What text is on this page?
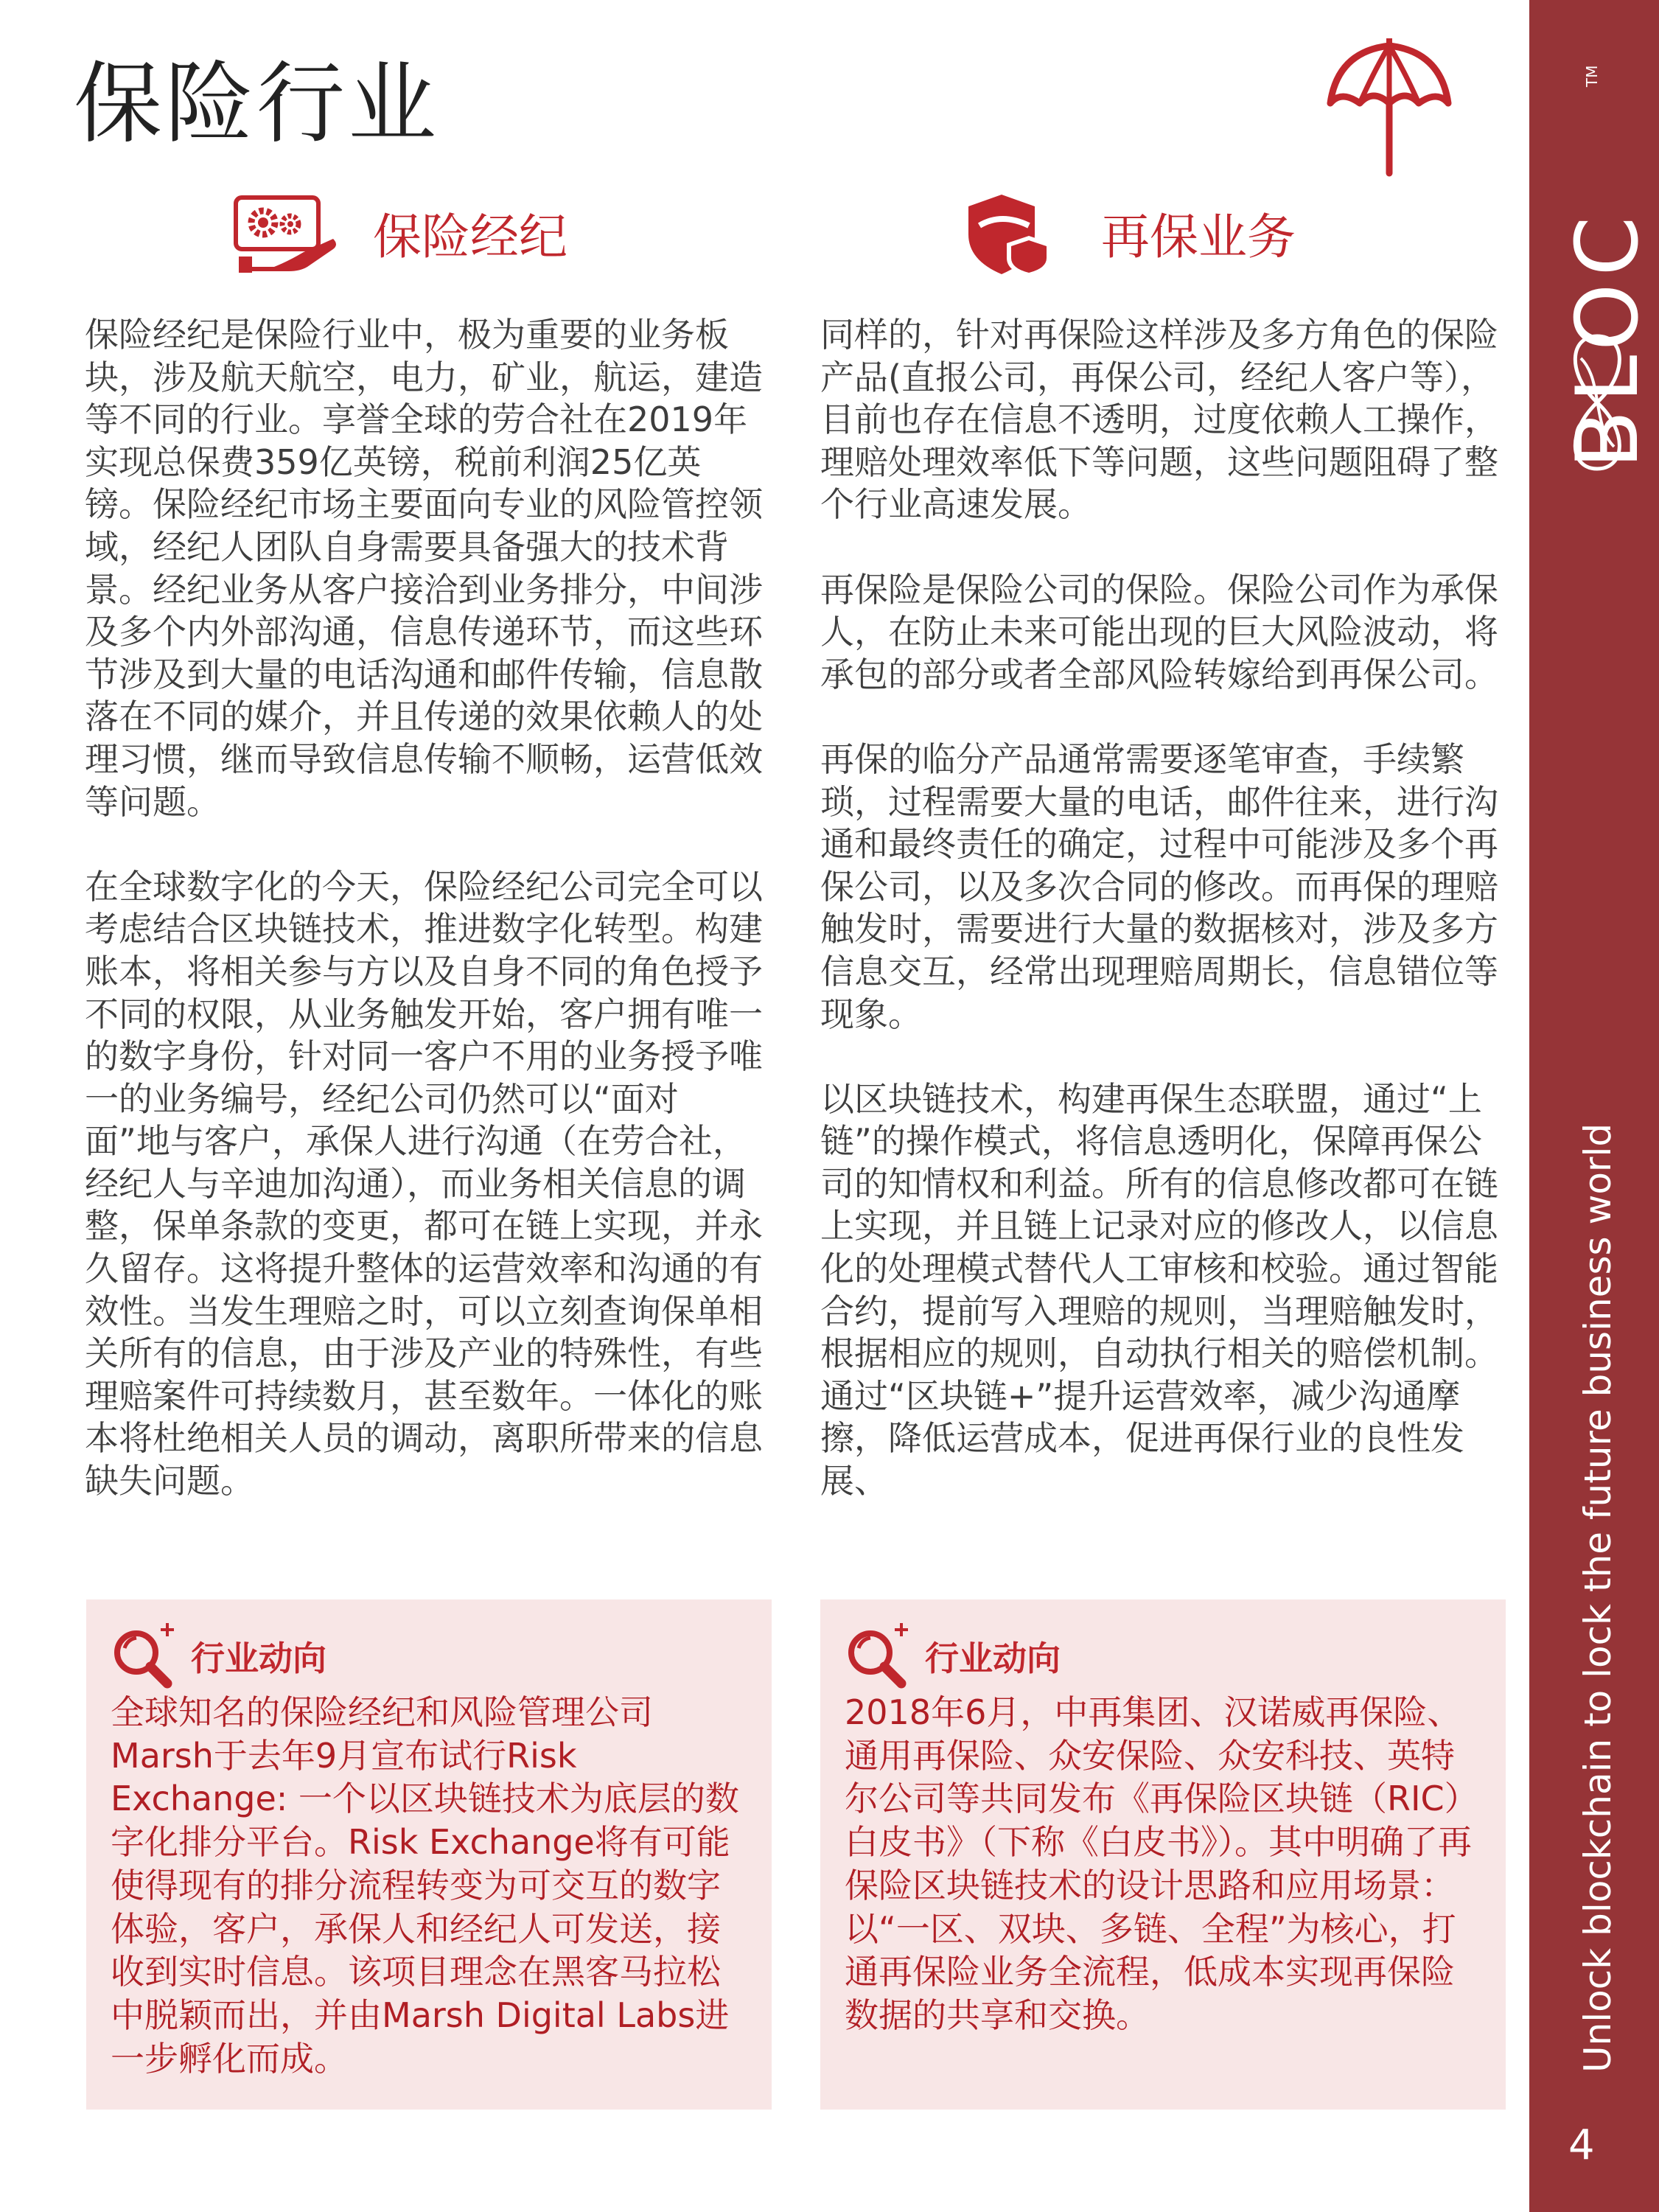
保险行业
保险经纪	再保业务

保险经纪是保险行业中，极为重要的业务板块，涉及航天航空，电力，矿业，航运，建造等不同的行业。享誉全球的劳合社在2019年实现总保费359亿英镑，税前利润25亿英镑。保险经纪市场主要面向专业的风险管控领域，经纪人团队自身需要具备强大的技术背景。经纪业务从客户接洽到业务排分，中间涉及多个内外部沟通，信息传递环节，而这些环节涉及到大量的电话沟通和邮件传输，信息散落在不同的媒介，并且传递的效果依赖人的处理习惯，继而导致信息传输不顺畅，运营低效等问题。

在全球数字化的今天，保险经纪公司完全可以考虑结合区块链技术，推进数字化转型。构建账本，将相关参与方以及自身不同的角色授予不同的权限，从业务触发开始，客户拥有唯一的数字身份，针对同一客户不用的业务授予唯一的业务编号，经纪公司仍然可以“面对面”地与客户，承保人进行沟通（在劳合社，经纪人与辛迪加沟通），而业务相关信息的调整，保单条款的变更，都可在链上实现，并永久留存。这将提升整体的运营效率和沟通的有效性。当发生理赔之时，可以立刻查询保单相关所有的信息，由于涉及产业的特殊性，有些理赔案件可持续数月，甚至数年。一体化的账本将杜绝相关人员的调动，离职所带来的信息缺失问题。

同样的，针对再保险这样涉及多方角色的保险产品(直报公司，再保公司，经纪人客户等），目前也存在信息不透明，过度依赖人工操作，理赔处理效率低下等问题，这些问题阻碍了整个行业高速发展。

再保险是保险公司的保险。保险公司作为承保人，在防止未来可能出现的巨大风险波动，将承包的部分或者全部风险转嫁给到再保公司。

再保的临分产品通常需要逐笔审查，手续繁琐，过程需要大量的电话，邮件往来，进行沟通和最终责任的确定，过程中可能涉及多个再保公司，以及多次合同的修改。而再保的理赔触发时，需要进行大量的数据核对，涉及多方信息交互，经常出现理赔周期长，信息错位等现象。

以区块链技术，构建再保生态联盟，通过“上链”的操作模式，将信息透明化，保障再保公司的知情权和利益。所有的信息修改都可在链上实现，并且链上记录对应的修改人，以信息化的处理模式替代人工审核和校验。通过智能合约，提前写入理赔的规则，当理赔触发时，根据相应的规则，自动执行相关的赔偿机制。通过“区块链+”提升运营效率，减少沟通摩擦，降低运营成本，促进再保行业的良性发展、

行业动向
全球知名的保险经纪和风险管理公司Marsh于去年9月宣布试行Risk Exchange: 一个以区块链技术为底层的数字化排分平台。Risk Exchange将有可能使得现有的排分流程转变为可交互的数字体验，客户，承保人和经纪人可发送，接收到实时信息。该项目理念在黑客马拉松中脱颖而出，并由Marsh Digital Labs进一步孵化而成。
行业动向
2018年6月，中再集团、汉诺威再保险、通用再保险、众安保险、众安科技、英特尔公司等共同发布《再保险区块链（RIC）白皮书》（下称《白皮书》）。其中明确了再保险区块链技术的设计思路和应用场景：以“一区、双块、多链、全程”为核心，打通再保险业务全流程，低成本实现再保险数据的共享和交换。
TM
BLOC
Unlock blockchain to lock the future business world
4
